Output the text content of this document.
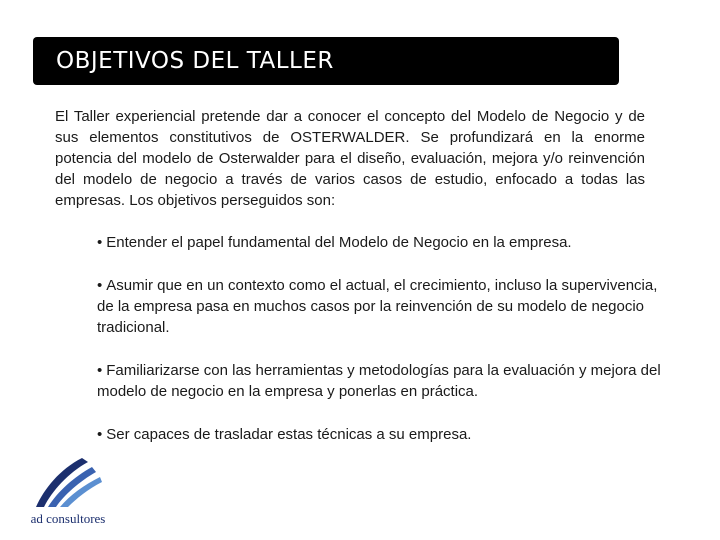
OBJETIVOS DEL TALLER

El Taller experiencial pretende dar a conocer el concepto del Modelo de Negocio y de sus elementos constitutivos de OSTERWALDER. Se profundizará en la enorme potencia del modelo de Osterwalder para el diseño, evaluación, mejora y/o reinvención del modelo de negocio a través de varios casos de estudio, enfocado a todas las empresas. Los objetivos perseguidos son:

• Entender el papel fundamental del Modelo de Negocio en la empresa.
• Asumir que en un contexto como el actual, el crecimiento, incluso la supervivencia, de la empresa pasa en muchos casos por la reinvención de su modelo de negocio tradicional.
• Familiarizarse con las herramientas y metodologías para la evaluación y mejora del modelo de negocio en la empresa y ponerlas en práctica.
• Ser capaces de trasladar estas técnicas a su empresa.
ad consultores
